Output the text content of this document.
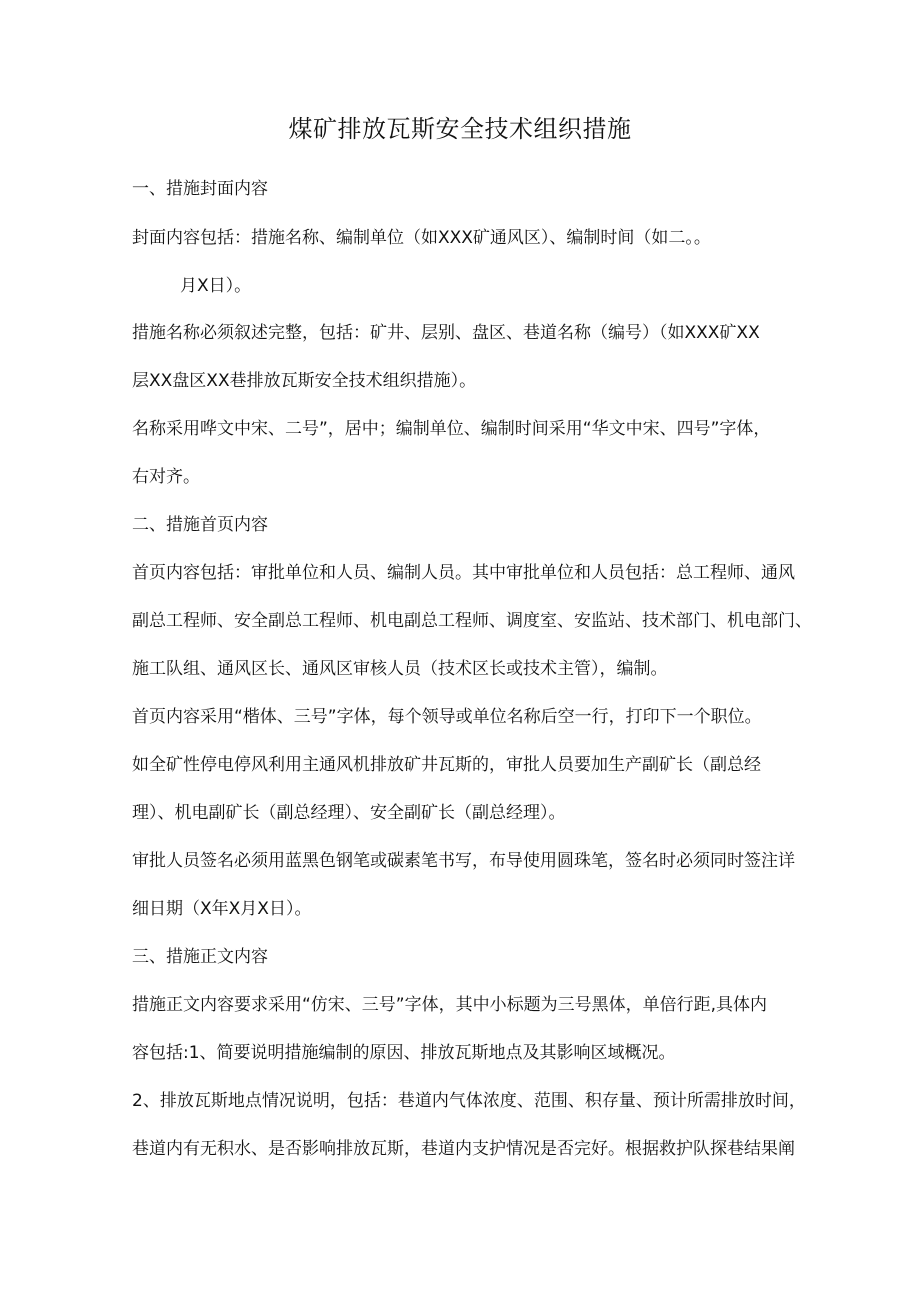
煤矿排放瓦斯安全技术组织措施
一、措施封面内容
封面内容包括：措施名称、编制单位（如XXX矿通风区）、编制时间（如二。。
月X日）。
措施名称必须叙述完整，包括：矿井、层别、盘区、巷道名称（编号）（如XXX矿XX
层XX盘区XX巷排放瓦斯安全技术组织措施）。
名称采用哗文中宋、二号”，居中；编制单位、编制时间采用“华文中宋、四号”字体，
右对齐。
二、措施首页内容
首页内容包括：审批单位和人员、编制人员。其中审批单位和人员包括：总工程师、通风
副总工程师、安全副总工程师、机电副总工程师、调度室、安监站、技术部门、机电部门、
施工队组、通风区长、通风区审核人员（技术区长或技术主管），编制。
首页内容采用“楷体、三号”字体，每个领导或单位名称后空一行，打印下一个职位。
如全矿性停电停风利用主通风机排放矿井瓦斯的，审批人员要加生产副矿长（副总经
理）、机电副矿长（副总经理）、安全副矿长（副总经理）。
审批人员签名必须用蓝黑色钢笔或碳素笔书写，布导使用圆珠笔，签名时必须同时签注详
细日期（X年X月X日）。
三、措施正文内容
措施正文内容要求采用“仿宋、三号”字体，其中小标题为三号黑体，单倍行距,具体内
容包括:1、简要说明措施编制的原因、排放瓦斯地点及其影响区域概况。
2、排放瓦斯地点情况说明，包括：巷道内气体浓度、范围、积存量、预计所需排放时间，
巷道内有无积水、是否影响排放瓦斯，巷道内支护情况是否完好。根据救护队探巷结果阐
